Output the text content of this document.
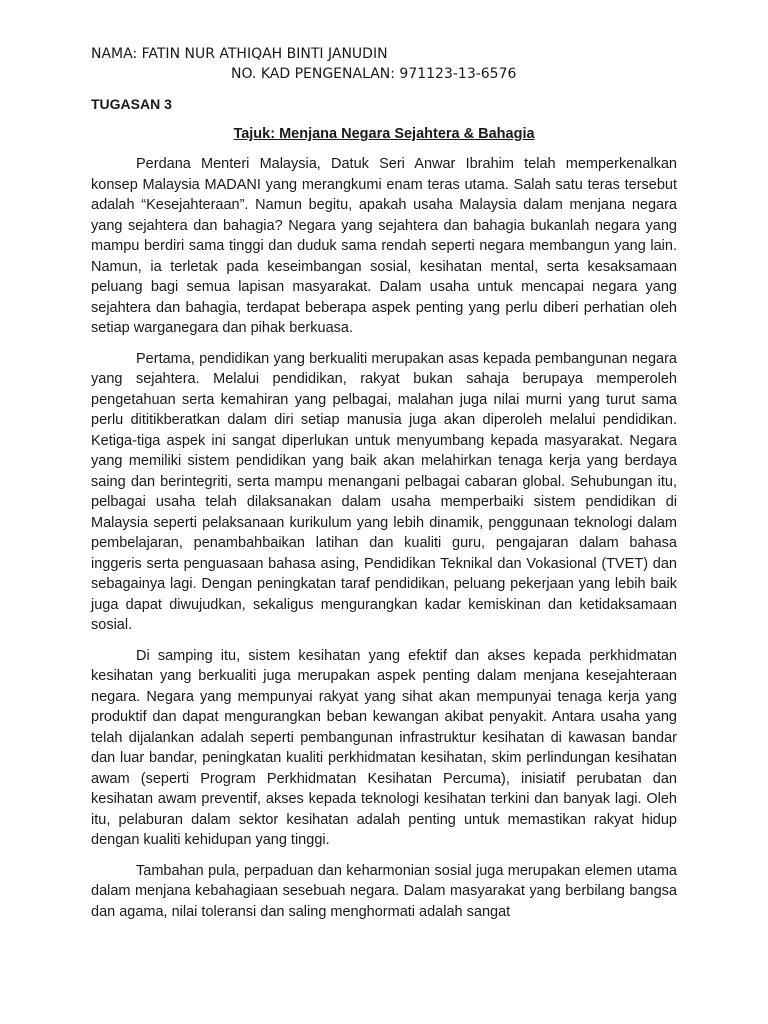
NAMA: FATIN NUR ATHIQAH BINTI JANUDIN

NO. KAD PENGENALAN: 971123-13-6576

TUGASAN 3

Tajuk: Menjana Negara Sejahtera & Bahagia

Perdana Menteri Malaysia, Datuk Seri Anwar Ibrahim telah memperkenalkan konsep Malaysia MADANI yang merangkumi enam teras utama. Salah satu teras tersebut adalah “Kesejahteraan”. Namun begitu, apakah usaha Malaysia dalam menjana negara yang sejahtera dan bahagia? Negara yang sejahtera dan bahagia bukanlah negara yang mampu berdiri sama tinggi dan duduk sama rendah seperti negara membangun yang lain. Namun, ia terletak pada keseimbangan sosial, kesihatan mental, serta kesaksamaan peluang bagi semua lapisan masyarakat. Dalam usaha untuk mencapai negara yang sejahtera dan bahagia, terdapat beberapa aspek penting yang perlu diberi perhatian oleh setiap warganegara dan pihak berkuasa.

Pertama, pendidikan yang berkualiti merupakan asas kepada pembangunan negara yang sejahtera. Melalui pendidikan, rakyat bukan sahaja berupaya memperoleh pengetahuan serta kemahiran yang pelbagai, malahan juga nilai murni yang turut sama perlu dititikberatkan dalam diri setiap manusia juga akan diperoleh melalui pendidikan. Ketiga-tiga aspek ini sangat diperlukan untuk menyumbang kepada masyarakat. Negara yang memiliki sistem pendidikan yang baik akan melahirkan tenaga kerja yang berdaya saing dan berintegriti, serta mampu menangani pelbagai cabaran global. Sehubungan itu, pelbagai usaha telah dilaksanakan dalam usaha memperbaiki sistem pendidikan di Malaysia seperti pelaksanaan kurikulum yang lebih dinamik, penggunaan teknologi dalam pembelajaran, penambahbaikan latihan dan kualiti guru, pengajaran dalam bahasa inggeris serta penguasaan bahasa asing, Pendidikan Teknikal dan Vokasional (TVET) dan sebagainya lagi. Dengan peningkatan taraf pendidikan, peluang pekerjaan yang lebih baik juga dapat diwujudkan, sekaligus mengurangkan kadar kemiskinan dan ketidaksamaan sosial.

Di samping itu, sistem kesihatan yang efektif dan akses kepada perkhidmatan kesihatan yang berkualiti juga merupakan aspek penting dalam menjana kesejahteraan negara. Negara yang mempunyai rakyat yang sihat akan mempunyai tenaga kerja yang produktif dan dapat mengurangkan beban kewangan akibat penyakit. Antara usaha yang telah dijalankan adalah seperti pembangunan infrastruktur kesihatan di kawasan bandar dan luar bandar, peningkatan kualiti perkhidmatan kesihatan, skim perlindungan kesihatan awam (seperti Program Perkhidmatan Kesihatan Percuma), inisiatif perubatan dan kesihatan awam preventif, akses kepada teknologi kesihatan terkini dan banyak lagi. Oleh itu, pelaburan dalam sektor kesihatan adalah penting untuk memastikan rakyat hidup dengan kualiti kehidupan yang tinggi.

Tambahan pula, perpaduan dan keharmonian sosial juga merupakan elemen utama dalam menjana kebahagiaan sesebuah negara. Dalam masyarakat yang berbilang bangsa dan agama, nilai toleransi dan saling menghormati adalah sangat
